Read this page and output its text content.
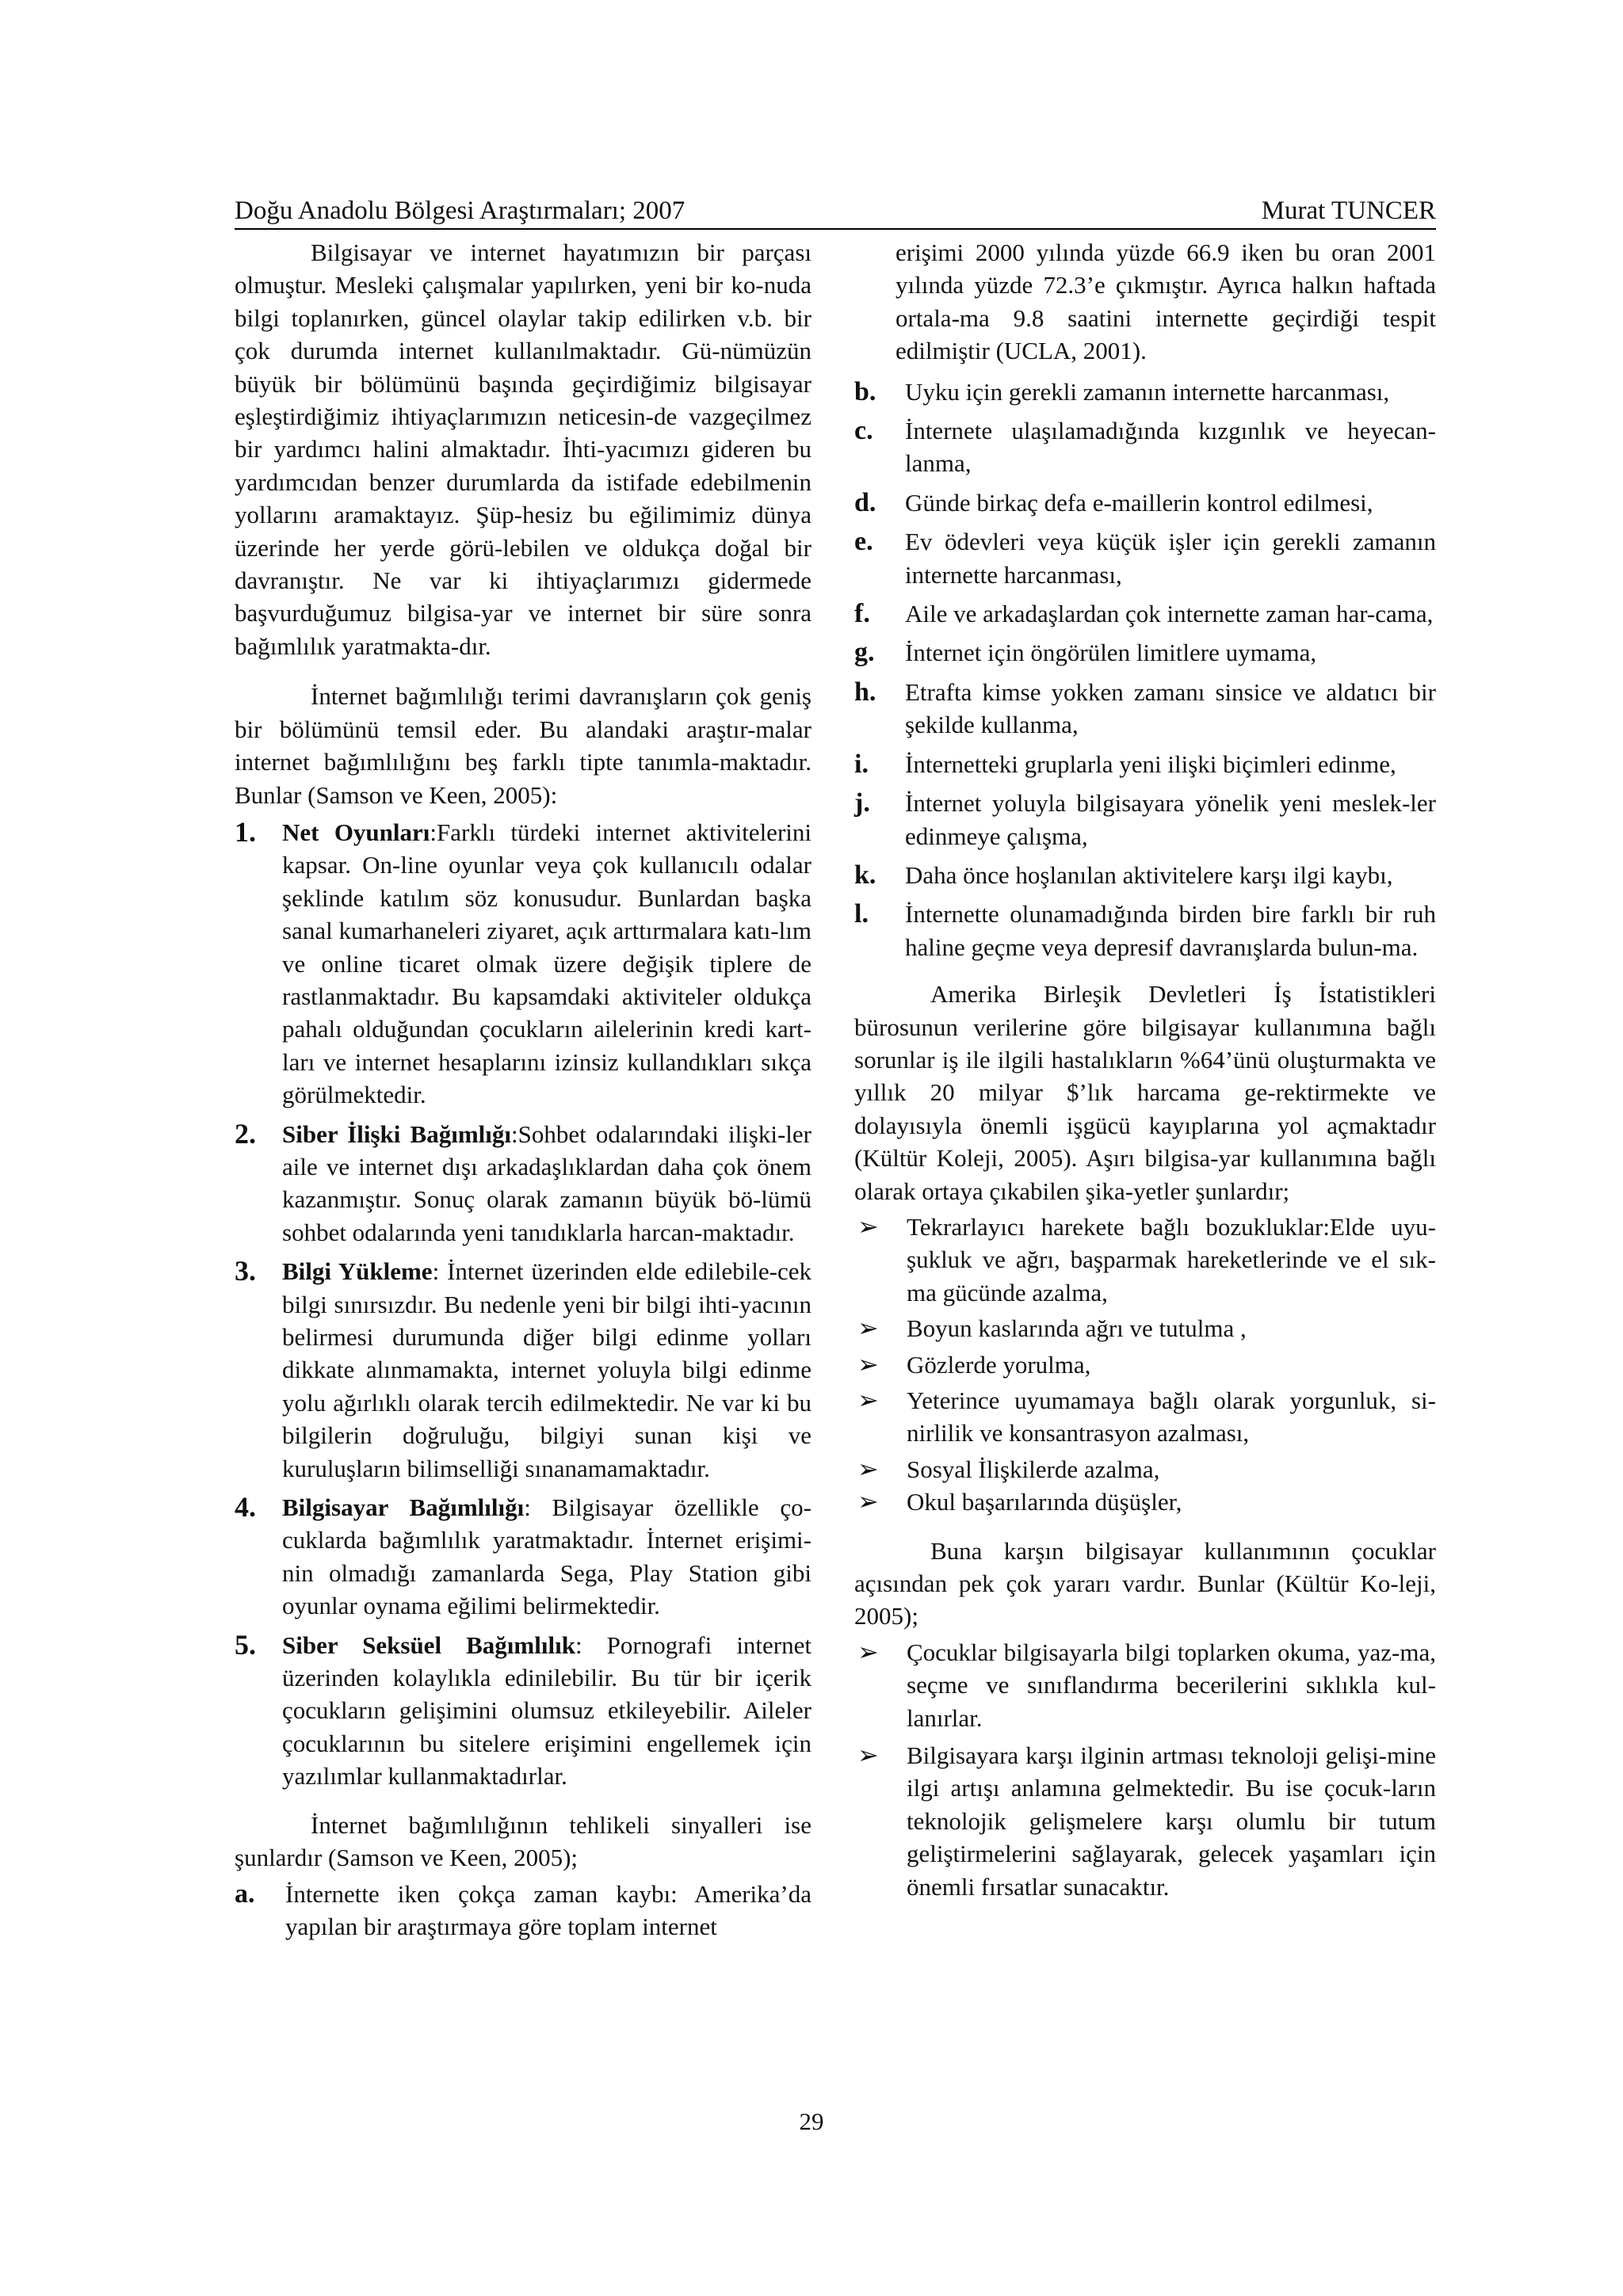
Doğu Anadolu Bölgesi Araştırmaları; 2007	Murat TUNCER

Bilgisayar ve internet hayatımızın bir parçası olmuştur. Mesleki çalışmalar yapılırken, yeni bir ko-nuda bilgi toplanırken, güncel olaylar takip edilirken v.b. bir çok durumda internet kullanılmaktadır. Gü-nümüzün büyük bir bölümünü başında geçirdiğimiz bilgisayar eşleştirdiğimiz ihtiyaçlarımızın neticesin-de vazgeçilmez bir yardımcı halini almaktadır. İhti-yacımızı gideren bu yardımcıdan benzer durumlarda da istifade edebilmenin yollarını aramaktayız. Şüp-hesiz bu eğilimimiz dünya üzerinde her yerde görü-lebilen ve oldukça doğal bir davranıştır. Ne var ki ihtiyaçlarımızı gidermede başvurduğumuz bilgisa-yar ve internet bir süre sonra bağımlılık yaratmakta-dır.

İnternet bağımlılığı terimi davranışların çok geniş bir bölümünü temsil eder. Bu alandaki araştır-malar internet bağımlılığını beş farklı tipte tanımla-maktadır. Bunlar (Samson ve Keen, 2005):

1.	Net Oyunları:Farklı türdeki internet aktivitelerini kapsar. On-line oyunlar veya çok kullanıcılı odalar şeklinde katılım söz konusudur. Bunlardan başka sanal kumarhaneleri ziyaret, açık arttırmalara katı-lım ve online ticaret olmak üzere değişik tiplere de rastlanmaktadır. Bu kapsamdaki aktiviteler oldukça pahalı olduğundan çocukların ailelerinin kredi kart-ları ve internet hesaplarını izinsiz kullandıkları sıkça görülmektedir.
2.	Siber İlişki Bağımlığı:Sohbet odalarındaki ilişki-ler aile ve internet dışı arkadaşlıklardan daha çok önem kazanmıştır. Sonuç olarak zamanın büyük bö-lümü sohbet odalarında yeni tanıdıklarla harcan-maktadır.
3.	Bilgi Yükleme: İnternet üzerinden elde edilebile-cek bilgi sınırsızdır. Bu nedenle yeni bir bilgi ihti-yacının belirmesi durumunda diğer bilgi edinme yolları dikkate alınmamakta, internet yoluyla bilgi edinme yolu ağırlıklı olarak tercih edilmektedir. Ne var ki bu bilgilerin doğruluğu, bilgiyi sunan kişi ve kuruluşların bilimselliği sınanamamaktadır.
4.	Bilgisayar Bağımlılığı: Bilgisayar özellikle ço-cuklarda bağımlılık yaratmaktadır. İnternet erişimi-nin olmadığı zamanlarda Sega, Play Station gibi oyunlar oynama eğilimi belirmektedir.
5.	Siber Seksüel Bağımlılık: Pornografi internet üzerinden kolaylıkla edinilebilir. Bu tür bir içerik çocukların gelişimini olumsuz etkileyebilir. Aileler çocuklarının bu sitelere erişimini engellemek için yazılımlar kullanmaktadırlar.

İnternet bağımlılığının tehlikeli sinyalleri ise şunlardır (Samson ve Keen, 2005);

a.	İnternette iken çokça zaman kaybı: Amerika’da yapılan bir araştırmaya göre toplam internet

erişimi 2000 yılında yüzde 66.9 iken bu oran 2001 yılında yüzde 72.3’e çıkmıştır. Ayrıca halkın haftada ortala-ma 9.8 saatini internette geçirdiği tespit edilmiştir (UCLA, 2001).

b.	Uyku için gerekli zamanın internette harcanması,
c.	İnternete ulaşılamadığında kızgınlık ve heyecan-lanma,
d.	Günde birkaç defa e-maillerin kontrol edilmesi,
e.	Ev ödevleri veya küçük işler için gerekli zamanın internette harcanması,
f.	Aile ve arkadaşlardan çok internette zaman har-cama,
g.	İnternet için öngörülen limitlere uymama,
h.	Etrafta kimse yokken zamanı sinsice ve aldatıcı bir şekilde kullanma,
i.	İnternetteki gruplarla yeni ilişki biçimleri edinme,
j.	İnternet yoluyla bilgisayara yönelik yeni meslek-ler edinmeye çalışma,
k.	Daha önce hoşlanılan aktivitelere karşı ilgi kaybı,
l.	İnternette olunamadığında birden bire farklı bir ruh haline geçme veya depresif davranışlarda bulun-ma.

Amerika Birleşik Devletleri İş İstatistikleri bürosunun verilerine göre bilgisayar kullanımına bağlı sorunlar iş ile ilgili hastalıkların %64’ünü oluşturmakta ve yıllık 20 milyar $’lık harcama ge-rektirmekte ve dolayısıyla önemli işgücü kayıplarına yol açmaktadır (Kültür Koleji, 2005). Aşırı bilgisa-yar kullanımına bağlı olarak ortaya çıkabilen şika-yetler şunlardır;

➢	Tekrarlayıcı harekete bağlı bozukluklar:Elde uyu-şukluk ve ağrı, başparmak hareketlerinde ve el sık-ma gücünde azalma,
➢	Boyun kaslarında ağrı ve tutulma ,
➢	Gözlerde yorulma,
➢	Yeterince uyumamaya bağlı olarak yorgunluk, si-nirlilik ve konsantrasyon azalması,
➢	Sosyal İlişkilerde azalma,
➢	Okul başarılarında düşüşler,

Buna karşın bilgisayar kullanımının çocuklar açısından pek çok yararı vardır. Bunlar (Kültür Ko-leji, 2005);

➢	Çocuklar bilgisayarla bilgi toplarken okuma, yaz-ma, seçme ve sınıflandırma becerilerini sıklıkla kul-lanırlar.
➢	Bilgisayara karşı ilginin artması teknoloji gelişi-mine ilgi artışı anlamına gelmektedir. Bu ise çocuk-ların teknolojik gelişmelere karşı olumlu bir tutum geliştirmelerini sağlayarak, gelecek yaşamları için önemli fırsatlar sunacaktır.
29
